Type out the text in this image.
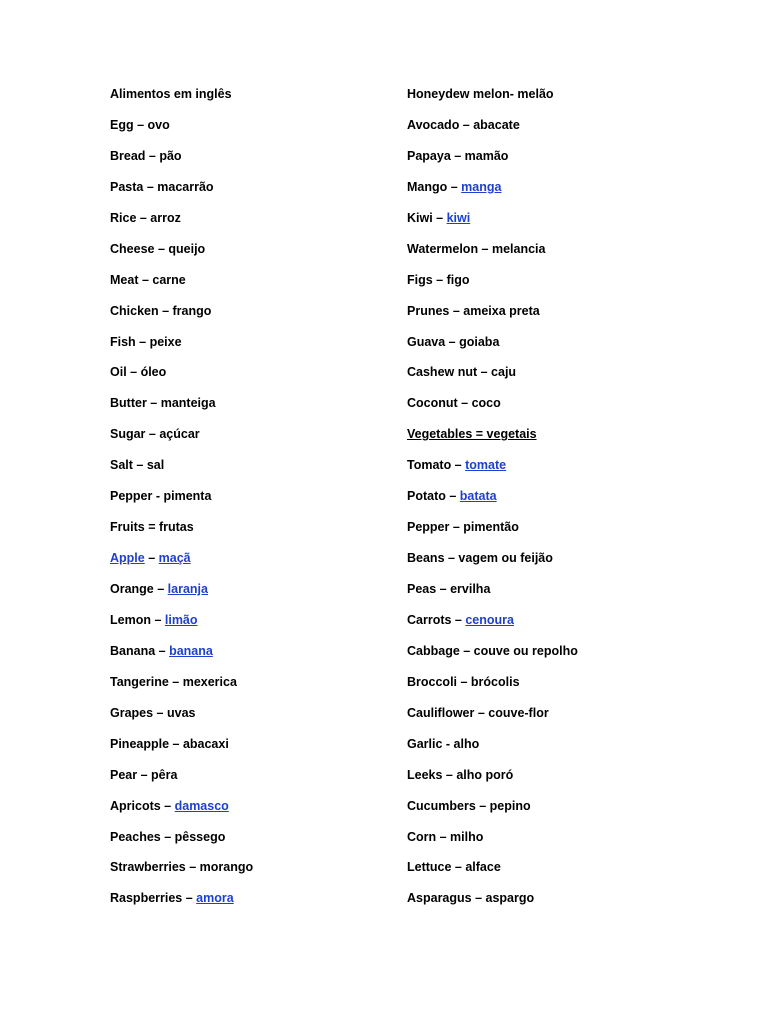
Alimentos em inglês
Egg – ovo
Bread – pão
Pasta – macarrão
Rice – arroz
Cheese – queijo
Meat – carne
Chicken – frango
Fish – peixe
Oil – óleo
Butter – manteiga
Sugar – açúcar
Salt – sal
Pepper - pimenta
Fruits = frutas
Apple – maçã
Orange – laranja
Lemon – limão
Banana – banana
Tangerine – mexerica
Grapes – uvas
Pineapple – abacaxi
Pear – pêra
Apricots – damasco
Peaches – pêssego
Strawberries – morango
Raspberries – amora
Honeydew melon- melão
Avocado – abacate
Papaya – mamão
Mango – manga
Kiwi – kiwi
Watermelon – melancia
Figs – figo
Prunes – ameixa preta
Guava – goiaba
Cashew nut – caju
Coconut – coco
Vegetables = vegetais
Tomato – tomate
Potato – batata
Pepper – pimentão
Beans – vagem ou feijão
Peas – ervilha
Carrots – cenoura
Cabbage – couve ou repolho
Broccoli – brócolis
Cauliflower – couve-flor
Garlic - alho
Leeks – alho poró
Cucumbers – pepino
Corn – milho
Lettuce – alface
Asparagus – aspargo
